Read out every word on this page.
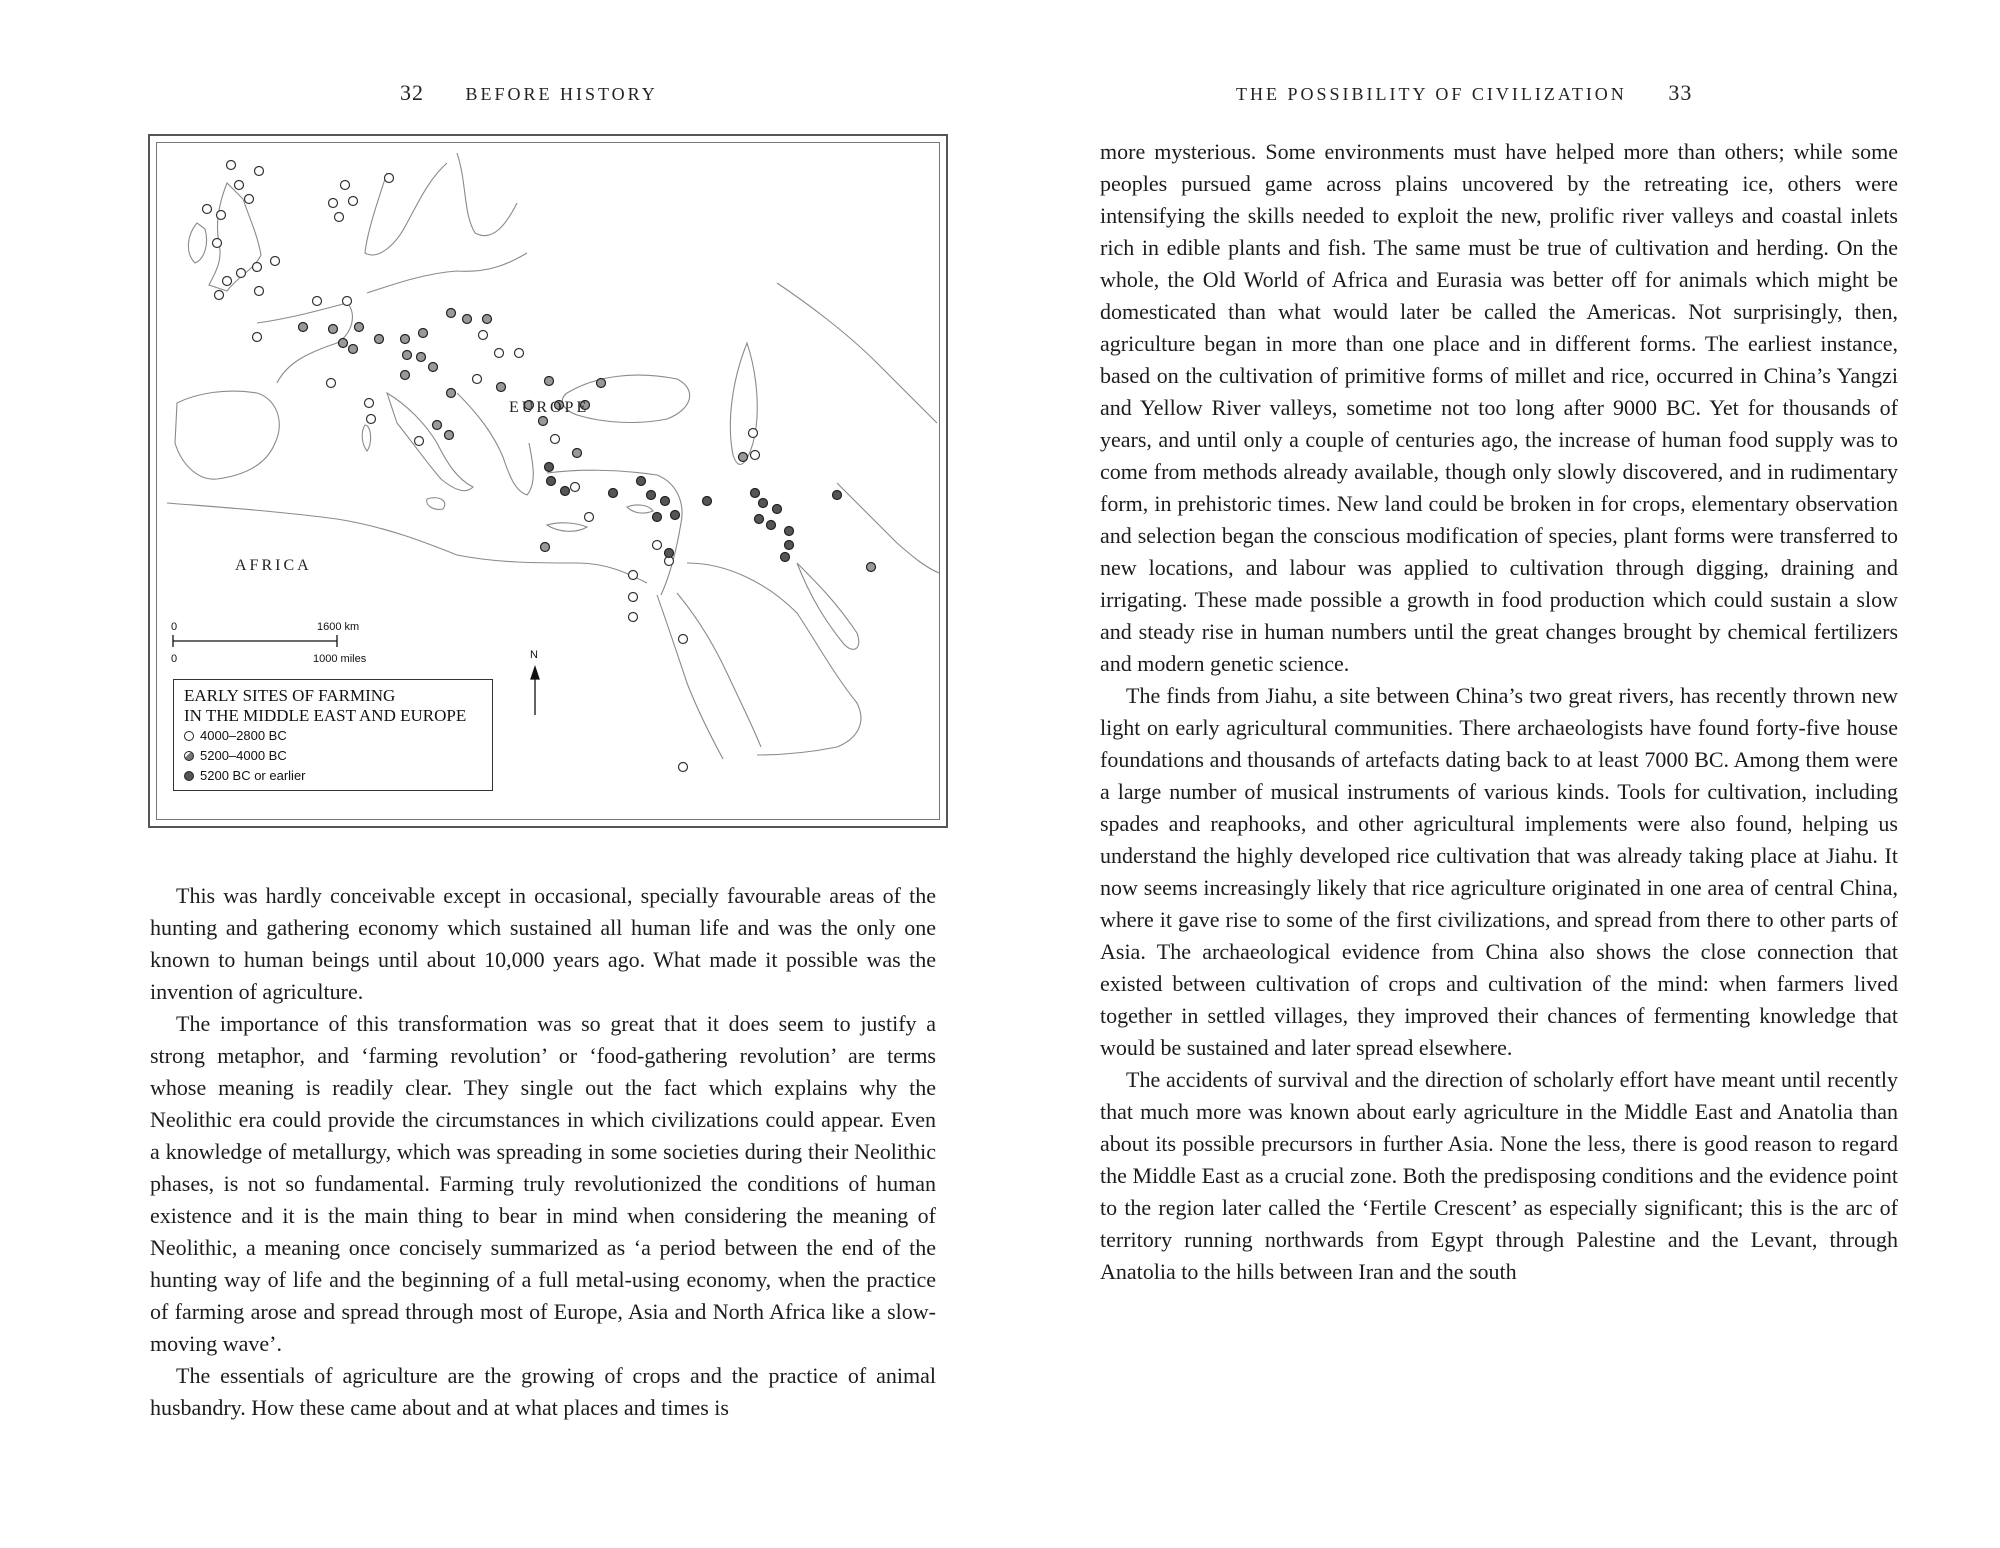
32 BEFORE HISTORY
EUROPE
AFRICA
0	1600 km
0	1000 miles	N
EARLY SITES OF FARMING
IN THE MIDDLE EAST AND EUROPE
4000–2800 BC
5200–4000 BC
5200 BC or earlier

This was hardly conceivable except in occasional, specially favourable areas of the hunting and gathering economy which sustained all human life and was the only one known to human beings until about 10,000 years ago. What made it possible was the invention of agriculture.

The importance of this transformation was so great that it does seem to justify a strong metaphor, and ‘farming revolution’ or ‘food-gathering revolution’ are terms whose meaning is readily clear. They single out the fact which explains why the Neolithic era could provide the circumstances in which civilizations could appear. Even a knowledge of metallurgy, which was spreading in some societies during their Neolithic phases, is not so fundamental. Farming truly revolutionized the conditions of human existence and it is the main thing to bear in mind when considering the meaning of Neolithic, a meaning once concisely summarized as ‘a period between the end of the hunting way of life and the beginning of a full metal-using economy, when the practice of farming arose and spread through most of Europe, Asia and North Africa like a slow-moving wave’.

The essentials of agriculture are the growing of crops and the practice of animal husbandry. How these came about and at what places and times is

THE POSSIBILITY OF CIVILIZATION 33

more mysterious. Some environments must have helped more than others; while some peoples pursued game across plains uncovered by the retreating ice, others were intensifying the skills needed to exploit the new, prolific river valleys and coastal inlets rich in edible plants and fish. The same must be true of cultivation and herding. On the whole, the Old World of Africa and Eurasia was better off for animals which might be domesticated than what would later be called the Americas. Not surprisingly, then, agriculture began in more than one place and in different forms. The earliest instance, based on the cultivation of primitive forms of millet and rice, occurred in China’s Yangzi and Yellow River valleys, sometime not too long after 9000 BC. Yet for thousands of years, and until only a couple of centuries ago, the increase of human food supply was to come from methods already available, though only slowly discovered, and in rudimentary form, in prehistoric times. New land could be broken in for crops, elementary observation and selection began the conscious modification of species, plant forms were transferred to new locations, and labour was applied to cultivation through digging, draining and irrigating. These made possible a growth in food production which could sustain a slow and steady rise in human numbers until the great changes brought by chemical fertilizers and modern genetic science.

The finds from Jiahu, a site between China’s two great rivers, has recently thrown new light on early agricultural communities. There archaeologists have found forty-five house foundations and thousands of artefacts dating back to at least 7000 BC. Among them were a large number of musical instruments of various kinds. Tools for cultivation, including spades and reaphooks, and other agricultural implements were also found, helping us understand the highly developed rice cultivation that was already taking place at Jiahu. It now seems increasingly likely that rice agriculture originated in one area of central China, where it gave rise to some of the first civilizations, and spread from there to other parts of Asia. The archaeological evidence from China also shows the close connection that existed between cultivation of crops and cultivation of the mind: when farmers lived together in settled villages, they improved their chances of fermenting knowledge that would be sustained and later spread elsewhere.

The accidents of survival and the direction of scholarly effort have meant until recently that much more was known about early agriculture in the Middle East and Anatolia than about its possible precursors in further Asia. None the less, there is good reason to regard the Middle East as a crucial zone. Both the predisposing conditions and the evidence point to the region later called the ‘Fertile Crescent’ as especially significant; this is the arc of territory running northwards from Egypt through Palestine and the Levant, through Anatolia to the hills between Iran and the south
